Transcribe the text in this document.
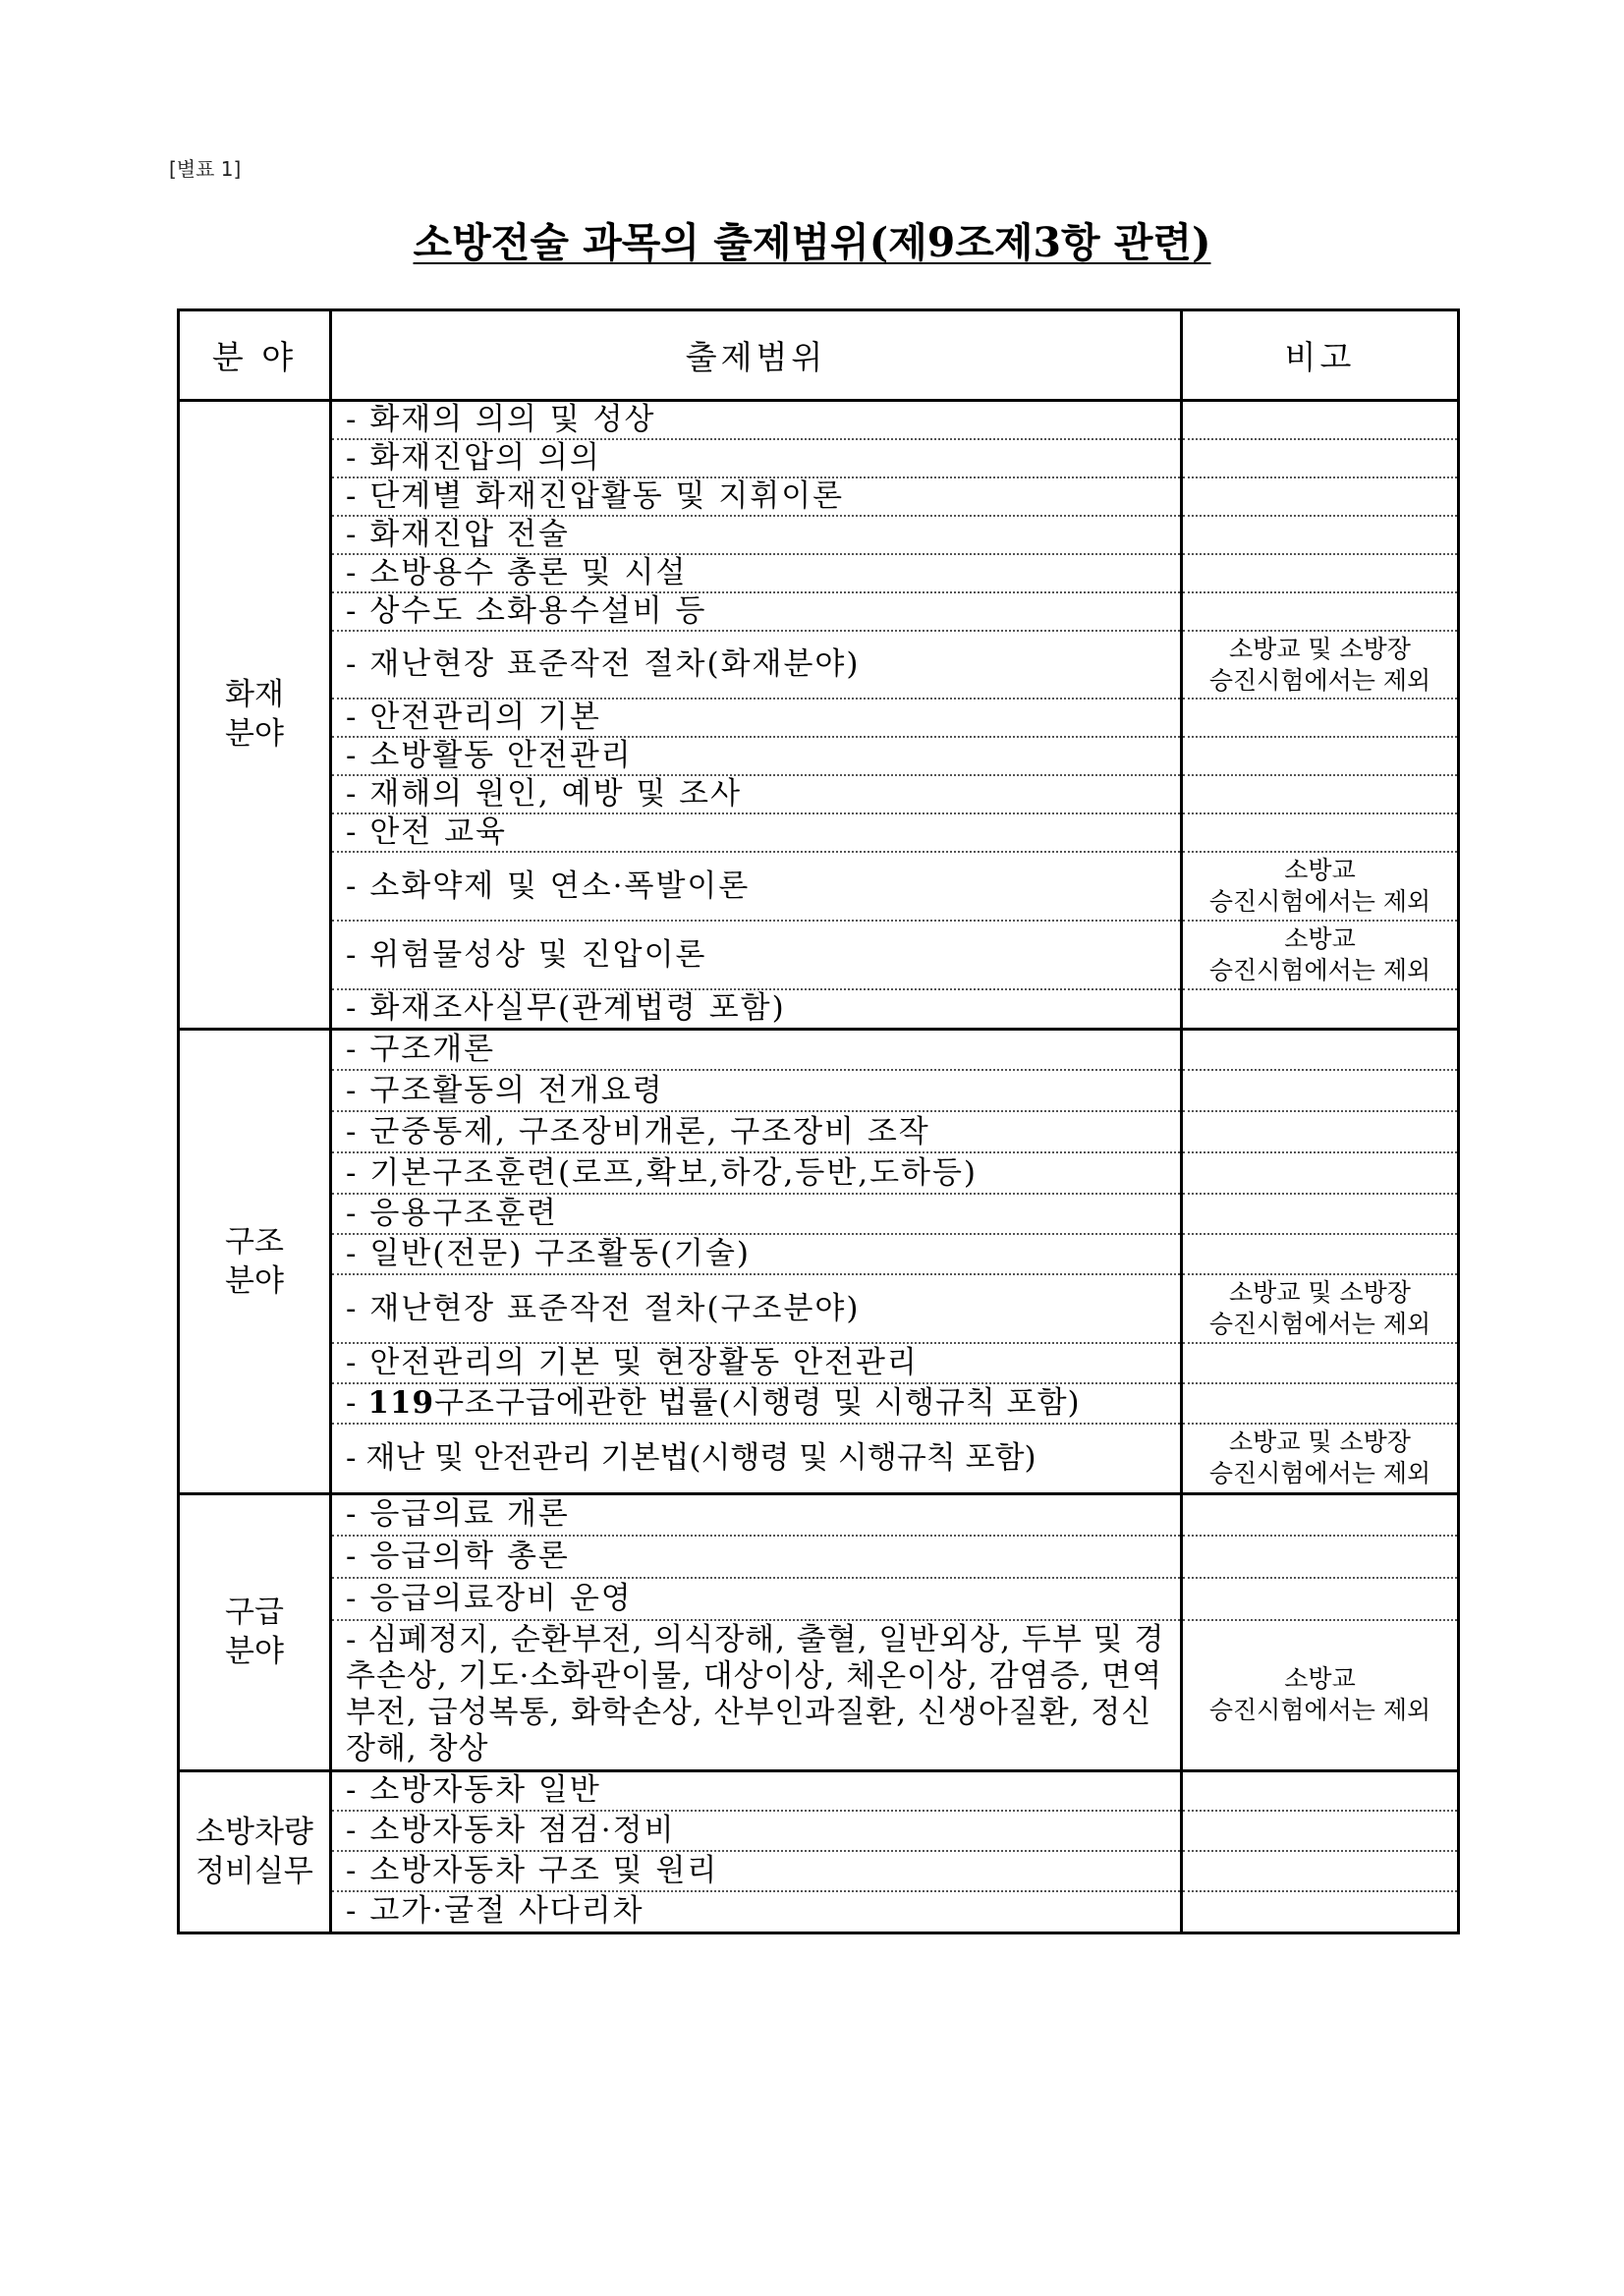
[별표 1]
소방전술 과목의 출제범위(제9조제3항 관련)
분 야	출제범위	비고
화재
분야	- 화재의 의의 및 성상	
	- 화재진압의 의의	
	- 단계별 화재진압활동 및 지휘이론	
	- 화재진압 전술	
	- 소방용수 총론 및 시설	
	- 상수도 소화용수설비 등	
	- 재난현장 표준작전 절차(화재분야)	소방교 및 소방장
승진시험에서는 제외
	- 안전관리의 기본	
	- 소방활동 안전관리	
	- 재해의 원인, 예방 및 조사	
	- 안전 교육	
	- 소화약제 및 연소·폭발이론	소방교
승진시험에서는 제외
	- 위험물성상 및 진압이론	소방교
승진시험에서는 제외
	- 화재조사실무(관계법령 포함)	
구조
분야	- 구조개론	
	- 구조활동의 전개요령	
	- 군중통제, 구조장비개론, 구조장비 조작	
	- 기본구조훈련(로프,확보,하강,등반,도하등)	
	- 응용구조훈련	
	- 일반(전문) 구조활동(기술)	
	- 재난현장 표준작전 절차(구조분야)	소방교 및 소방장
승진시험에서는 제외
	- 안전관리의 기본 및 현장활동 안전관리	
	- 119구조구급에관한 법률(시행령 및 시행규칙 포함)	
	- 재난 및 안전관리 기본법(시행령 및 시행규칙 포함)	소방교 및 소방장
승진시험에서는 제외
구급
분야	- 응급의료 개론	
	- 응급의학 총론	
	- 응급의료장비 운영	
	- 심폐정지, 순환부전, 의식장해, 출혈, 일반외상, 두부 및 경추손상, 기도·소화관이물, 대상이상, 체온이상, 감염증, 면역부전, 급성복통, 화학손상, 산부인과질환, 신생아질환, 정신장해, 창상	소방교
승진시험에서는 제외
소방차량
정비실무	- 소방자동차 일반	
	- 소방자동차 점검·정비	
	- 소방자동차 구조 및 원리	
	- 고가·굴절 사다리차	
